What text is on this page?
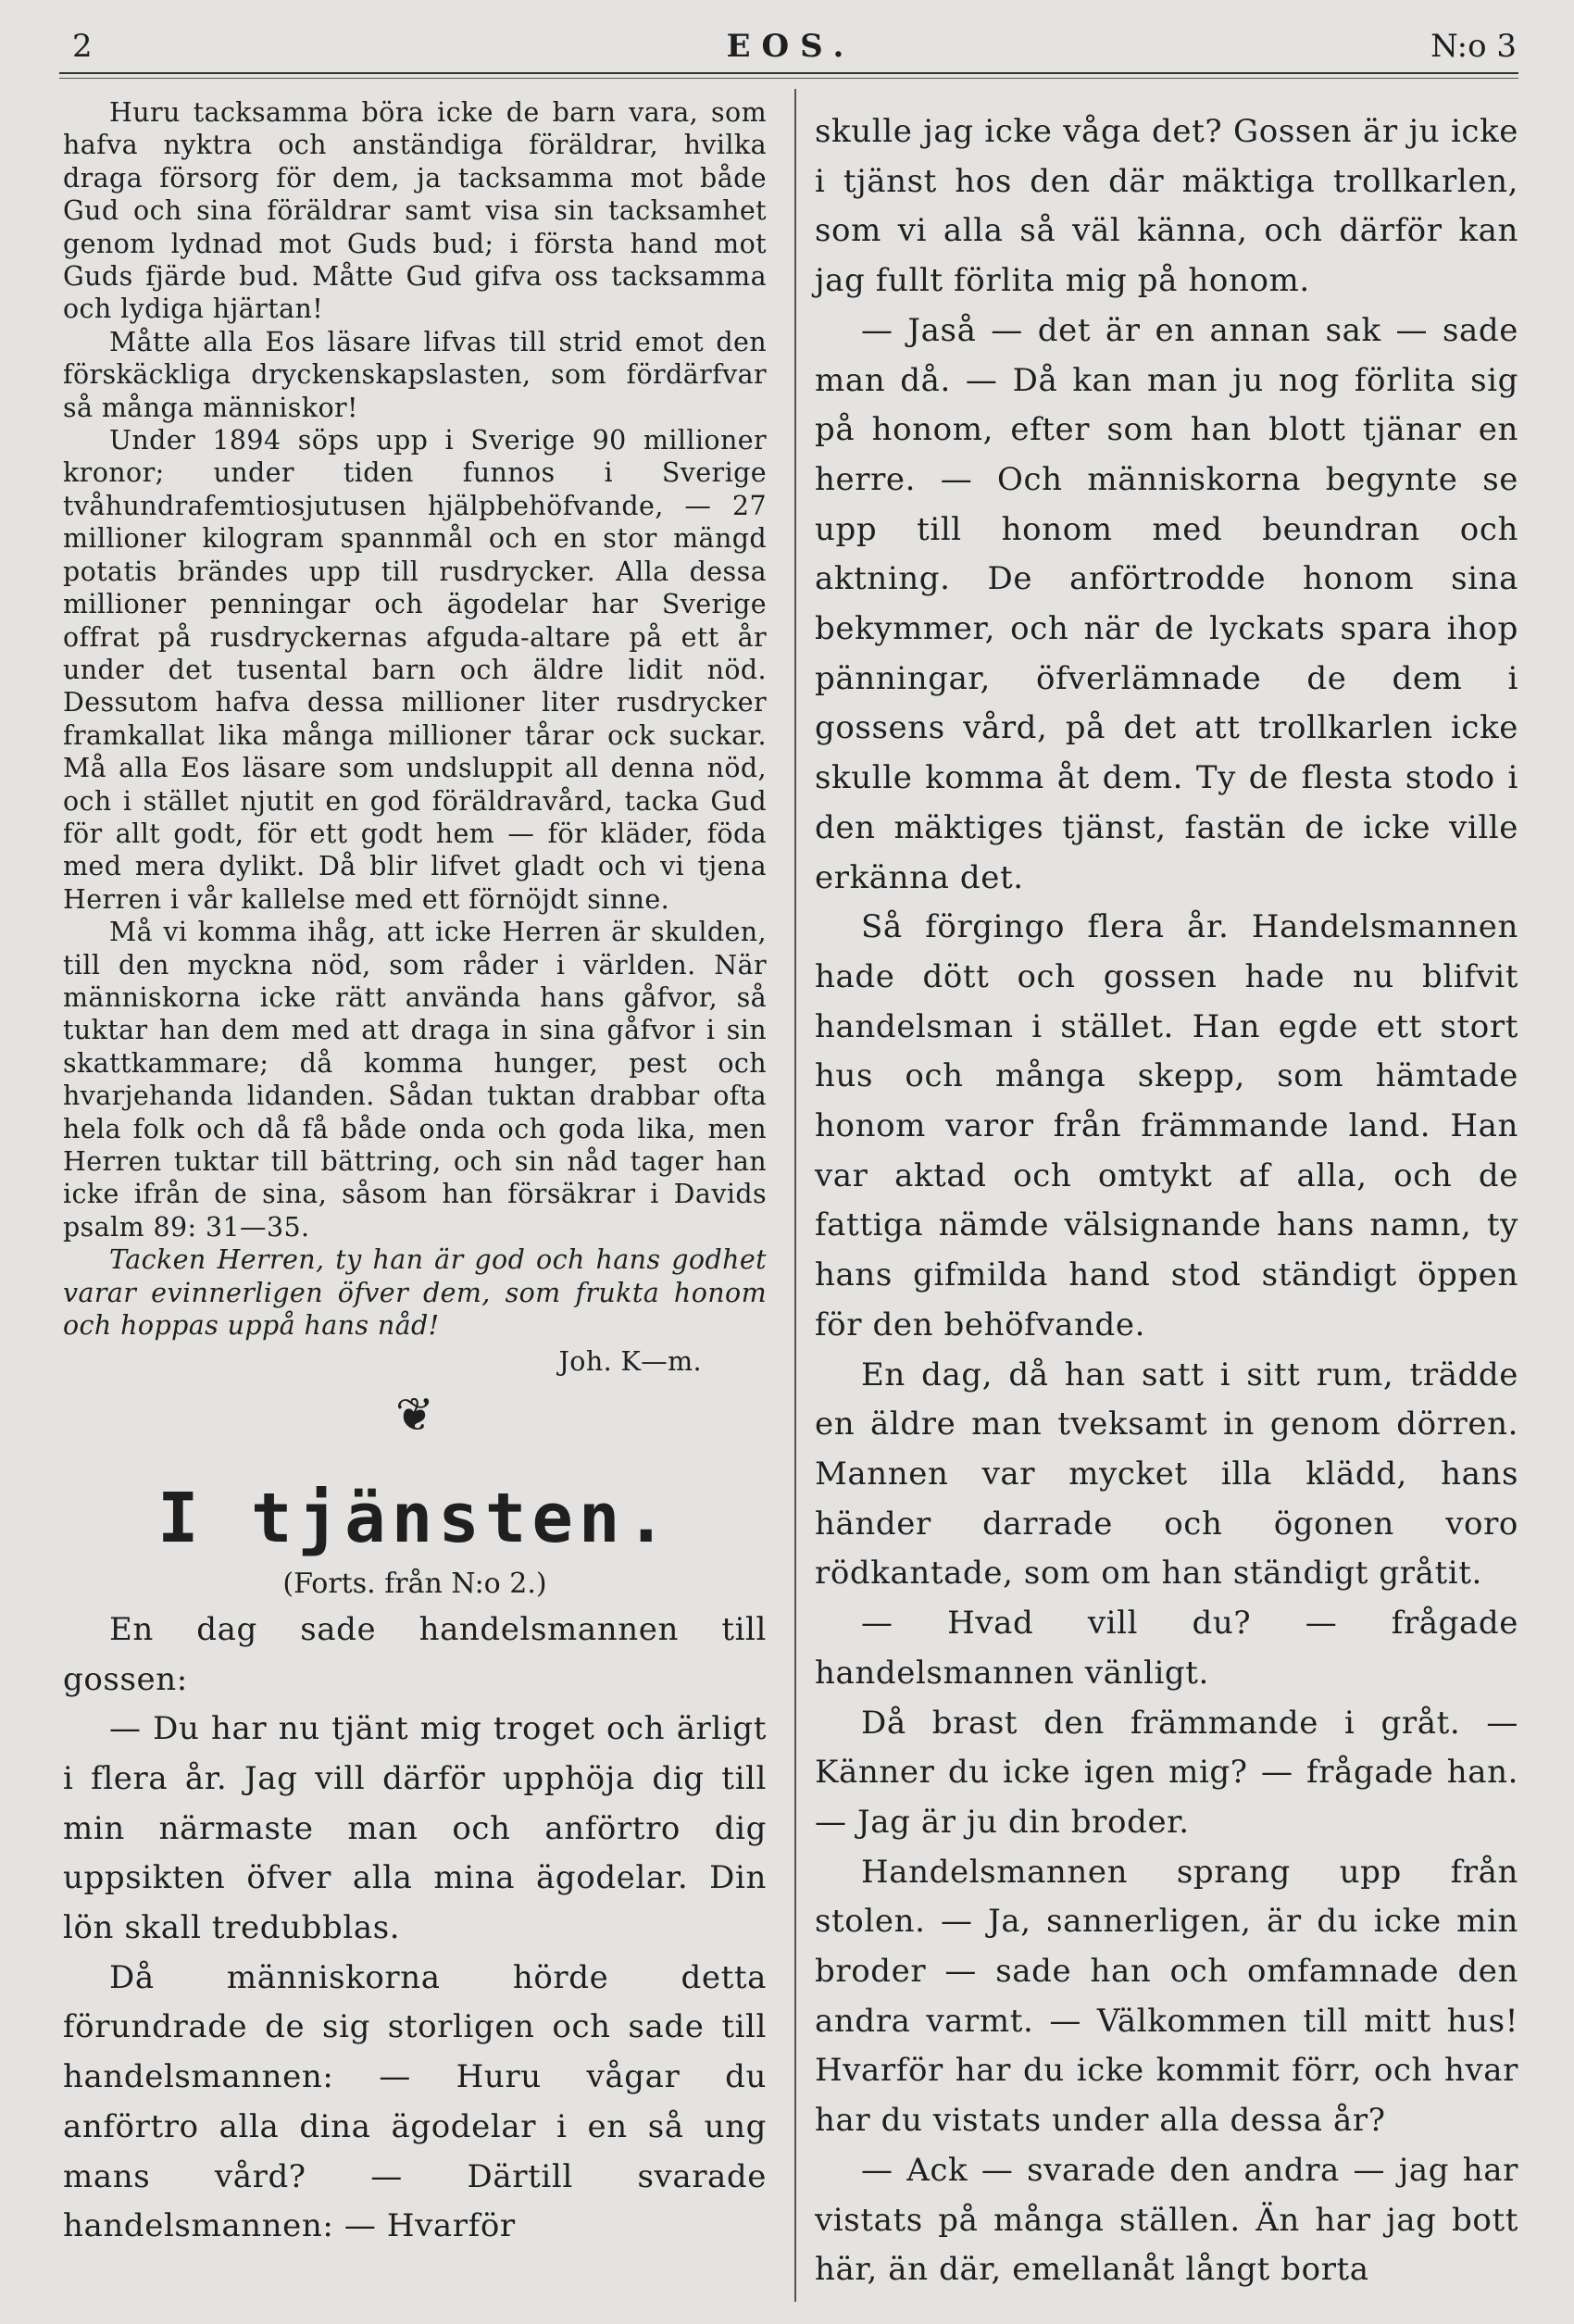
2	EOS.	N:o 3

Huru tacksamma böra icke de barn vara, som hafva nyktra och anständiga föräldrar, hvilka draga försorg för dem, ja tacksamma mot både Gud och sina föräldrar samt visa sin tacksamhet genom lydnad mot Guds bud; i första hand mot Guds fjärde bud. Måtte Gud gifva oss tacksamma och lydiga hjärtan!

Måtte alla Eos läsare lifvas till strid emot den förskäckliga dryckenskapslasten, som fördärfvar så många människor!

Under 1894 söps upp i Sverige 90 millioner kronor; under tiden funnos i Sverige tvåhundrafemtiosjutusen hjälpbehöfvande, — 27 millioner kilogram spannmål och en stor mängd potatis brändes upp till rusdrycker. Alla dessa millioner penningar och ägodelar har Sverige offrat på rusdryckernas afguda-altare på ett år under det tusental barn och äldre lidit nöd. Dessutom hafva dessa millioner liter rusdrycker framkallat lika många millioner tårar ock suckar. Må alla Eos läsare som undsluppit all denna nöd, och i stället njutit en god föräldravård, tacka Gud för allt godt, för ett godt hem — för kläder, föda med mera dylikt. Då blir lifvet gladt och vi tjena Herren i vår kallelse med ett förnöjdt sinne.

Må vi komma ihåg, att icke Herren är skulden, till den myckna nöd, som råder i världen. När människorna icke rätt använda hans gåfvor, så tuktar han dem med att draga in sina gåfvor i sin skattkammare; då komma hunger, pest och hvarjehanda lidanden. Sådan tuktan drabbar ofta hela folk och då få både onda och goda lika, men Herren tuktar till bättring, och sin nåd tager han icke ifrån de sina, såsom han försäkrar i Davids psalm 89: 31—35.

Tacken Herren, ty han är god och hans godhet varar evinnerligen öfver dem, som frukta honom och hoppas uppå hans nåd!

Joh. K—m.

❦
I tjänsten.
(Forts. från N:o 2.)

En dag sade handelsmannen till gossen:

— Du har nu tjänt mig troget och ärligt i flera år. Jag vill därför upphöja dig till min närmaste man och anförtro dig uppsikten öfver alla mina ägodelar. Din lön skall tredubblas.

Då människorna hörde detta förundrade de sig storligen och sade till handelsmannen: — Huru vågar du anförtro alla dina ägodelar i en så ung mans vård? — Därtill svarade handelsmannen: — Hvarför

skulle jag icke våga det? Gossen är ju icke i tjänst hos den där mäktiga trollkarlen, som vi alla så väl känna, och därför kan jag fullt förlita mig på honom.

— Jaså — det är en annan sak — sade man då. — Då kan man ju nog förlita sig på honom, efter som han blott tjänar en herre. — Och människorna begynte se upp till honom med beundran och aktning. De anförtrodde honom sina bekymmer, och när de lyckats spara ihop pänningar, öfverlämnade de dem i gossens vård, på det att trollkarlen icke skulle komma åt dem. Ty de flesta stodo i den mäktiges tjänst, fastän de icke ville erkänna det.

Så förgingo flera år. Handelsmannen hade dött och gossen hade nu blifvit handelsman i stället. Han egde ett stort hus och många skepp, som hämtade honom varor från främmande land. Han var aktad och omtykt af alla, och de fattiga nämde välsignande hans namn, ty hans gifmilda hand stod ständigt öppen för den behöfvande.

En dag, då han satt i sitt rum, trädde en äldre man tveksamt in genom dörren. Mannen var mycket illa klädd, hans händer darrade och ögonen voro rödkantade, som om han ständigt gråtit.

— Hvad vill du? — frågade handelsmannen vänligt.

Då brast den främmande i gråt. — Känner du icke igen mig? — frågade han. — Jag är ju din broder.

Handelsmannen sprang upp från stolen. — Ja, sannerligen, är du icke min broder — sade han och omfamnade den andra varmt. — Välkommen till mitt hus! Hvarför har du icke kommit förr, och hvar har du vistats under alla dessa år?

— Ack — svarade den andra — jag har vistats på många ställen. Än har jag bott här, än där, emellanåt långt borta
